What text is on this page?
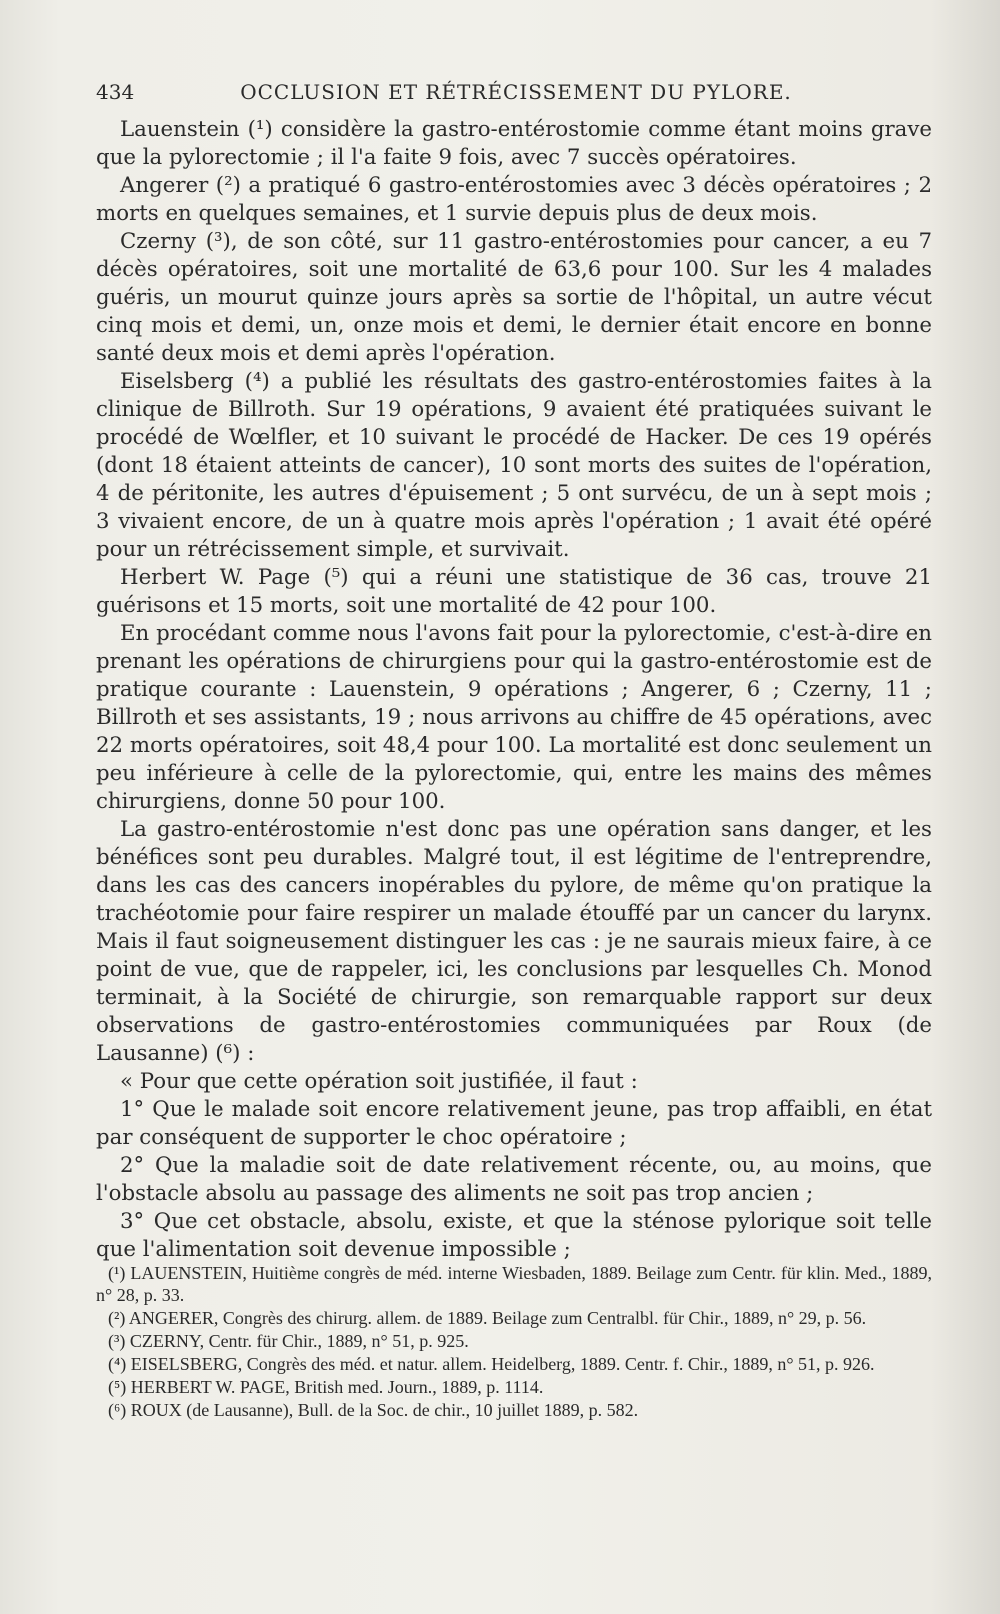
434	OCCLUSION ET RÉTRÉCISSEMENT DU PYLORE.

Lauenstein (¹) considère la gastro-entérostomie comme étant moins grave que la pylorectomie ; il l'a faite 9 fois, avec 7 succès opératoires.

Angerer (²) a pratiqué 6 gastro-entérostomies avec 3 décès opératoires ; 2 morts en quelques semaines, et 1 survie depuis plus de deux mois.

Czerny (³), de son côté, sur 11 gastro-entérostomies pour cancer, a eu 7 décès opératoires, soit une mortalité de 63,6 pour 100. Sur les 4 malades guéris, un mourut quinze jours après sa sortie de l'hôpital, un autre vécut cinq mois et demi, un, onze mois et demi, le dernier était encore en bonne santé deux mois et demi après l'opération.

Eiselsberg (⁴) a publié les résultats des gastro-entérostomies faites à la clinique de Billroth. Sur 19 opérations, 9 avaient été pratiquées suivant le procédé de Wœlfler, et 10 suivant le procédé de Hacker. De ces 19 opérés (dont 18 étaient atteints de cancer), 10 sont morts des suites de l'opération, 4 de péritonite, les autres d'épuisement ; 5 ont survécu, de un à sept mois ; 3 vivaient encore, de un à quatre mois après l'opération ; 1 avait été opéré pour un rétrécissement simple, et survivait.

Herbert W. Page (⁵) qui a réuni une statistique de 36 cas, trouve 21 guérisons et 15 morts, soit une mortalité de 42 pour 100.

En procédant comme nous l'avons fait pour la pylorectomie, c'est-à-dire en prenant les opérations de chirurgiens pour qui la gastro-entérostomie est de pratique courante : Lauenstein, 9 opérations ; Angerer, 6 ; Czerny, 11 ; Billroth et ses assistants, 19 ; nous arrivons au chiffre de 45 opérations, avec 22 morts opératoires, soit 48,4 pour 100. La mortalité est donc seulement un peu inférieure à celle de la pylorectomie, qui, entre les mains des mêmes chirurgiens, donne 50 pour 100.

La gastro-entérostomie n'est donc pas une opération sans danger, et les bénéfices sont peu durables. Malgré tout, il est légitime de l'entreprendre, dans les cas des cancers inopérables du pylore, de même qu'on pratique la trachéotomie pour faire respirer un malade étouffé par un cancer du larynx. Mais il faut soigneusement distinguer les cas : je ne saurais mieux faire, à ce point de vue, que de rappeler, ici, les conclusions par lesquelles Ch. Monod terminait, à la Société de chirurgie, son remarquable rapport sur deux observations de gastro-entérostomies communiquées par Roux (de Lausanne) (⁶) :

« Pour que cette opération soit justifiée, il faut :

1° Que le malade soit encore relativement jeune, pas trop affaibli, en état par conséquent de supporter le choc opératoire ;

2° Que la maladie soit de date relativement récente, ou, au moins, que l'obstacle absolu au passage des aliments ne soit pas trop ancien ;

3° Que cet obstacle, absolu, existe, et que la sténose pylorique soit telle que l'alimentation soit devenue impossible ;

(¹) LAUENSTEIN, Huitième congrès de méd. interne Wiesbaden, 1889. Beilage zum Centr. für klin. Med., 1889, n° 28, p. 33.

(²) ANGERER, Congrès des chirurg. allem. de 1889. Beilage zum Centralbl. für Chir., 1889, n° 29, p. 56.

(³) CZERNY, Centr. für Chir., 1889, n° 51, p. 925.

(⁴) EISELSBERG, Congrès des méd. et natur. allem. Heidelberg, 1889. Centr. f. Chir., 1889, n° 51, p. 926.

(⁵) HERBERT W. PAGE, British med. Journ., 1889, p. 1114.

(⁶) ROUX (de Lausanne), Bull. de la Soc. de chir., 10 juillet 1889, p. 582.
